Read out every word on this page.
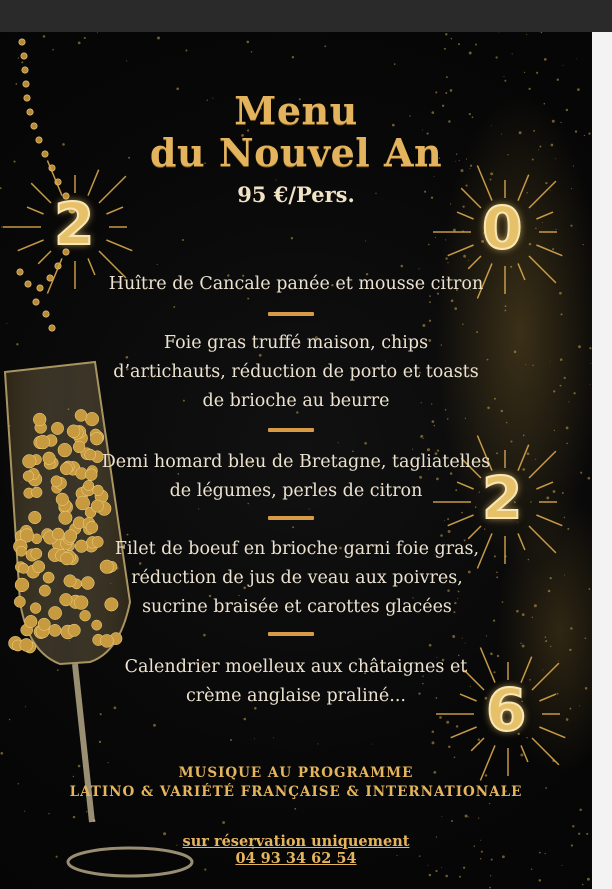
Menu
du Nouvel An
95 €/Pers.
2	0
2
6
Huître de Cancale panée et mousse citron
Foie gras truffé maison, chips d’artichauts, réduction de porto et toasts de brioche au beurre
Demi homard bleu de Bretagne, tagliatelles de légumes, perles de citron
Filet de boeuf en brioche garni foie gras, réduction de jus de veau aux poivres, sucrine braisée et carottes glacées
Calendrier moelleux aux châtaignes et crème anglaise praliné...
MUSIQUE AU PROGRAMME
LATINO & VARIÉTÉ FRANÇAISE & INTERNATIONALE
sur réservation uniquement
04 93 34 62 54
